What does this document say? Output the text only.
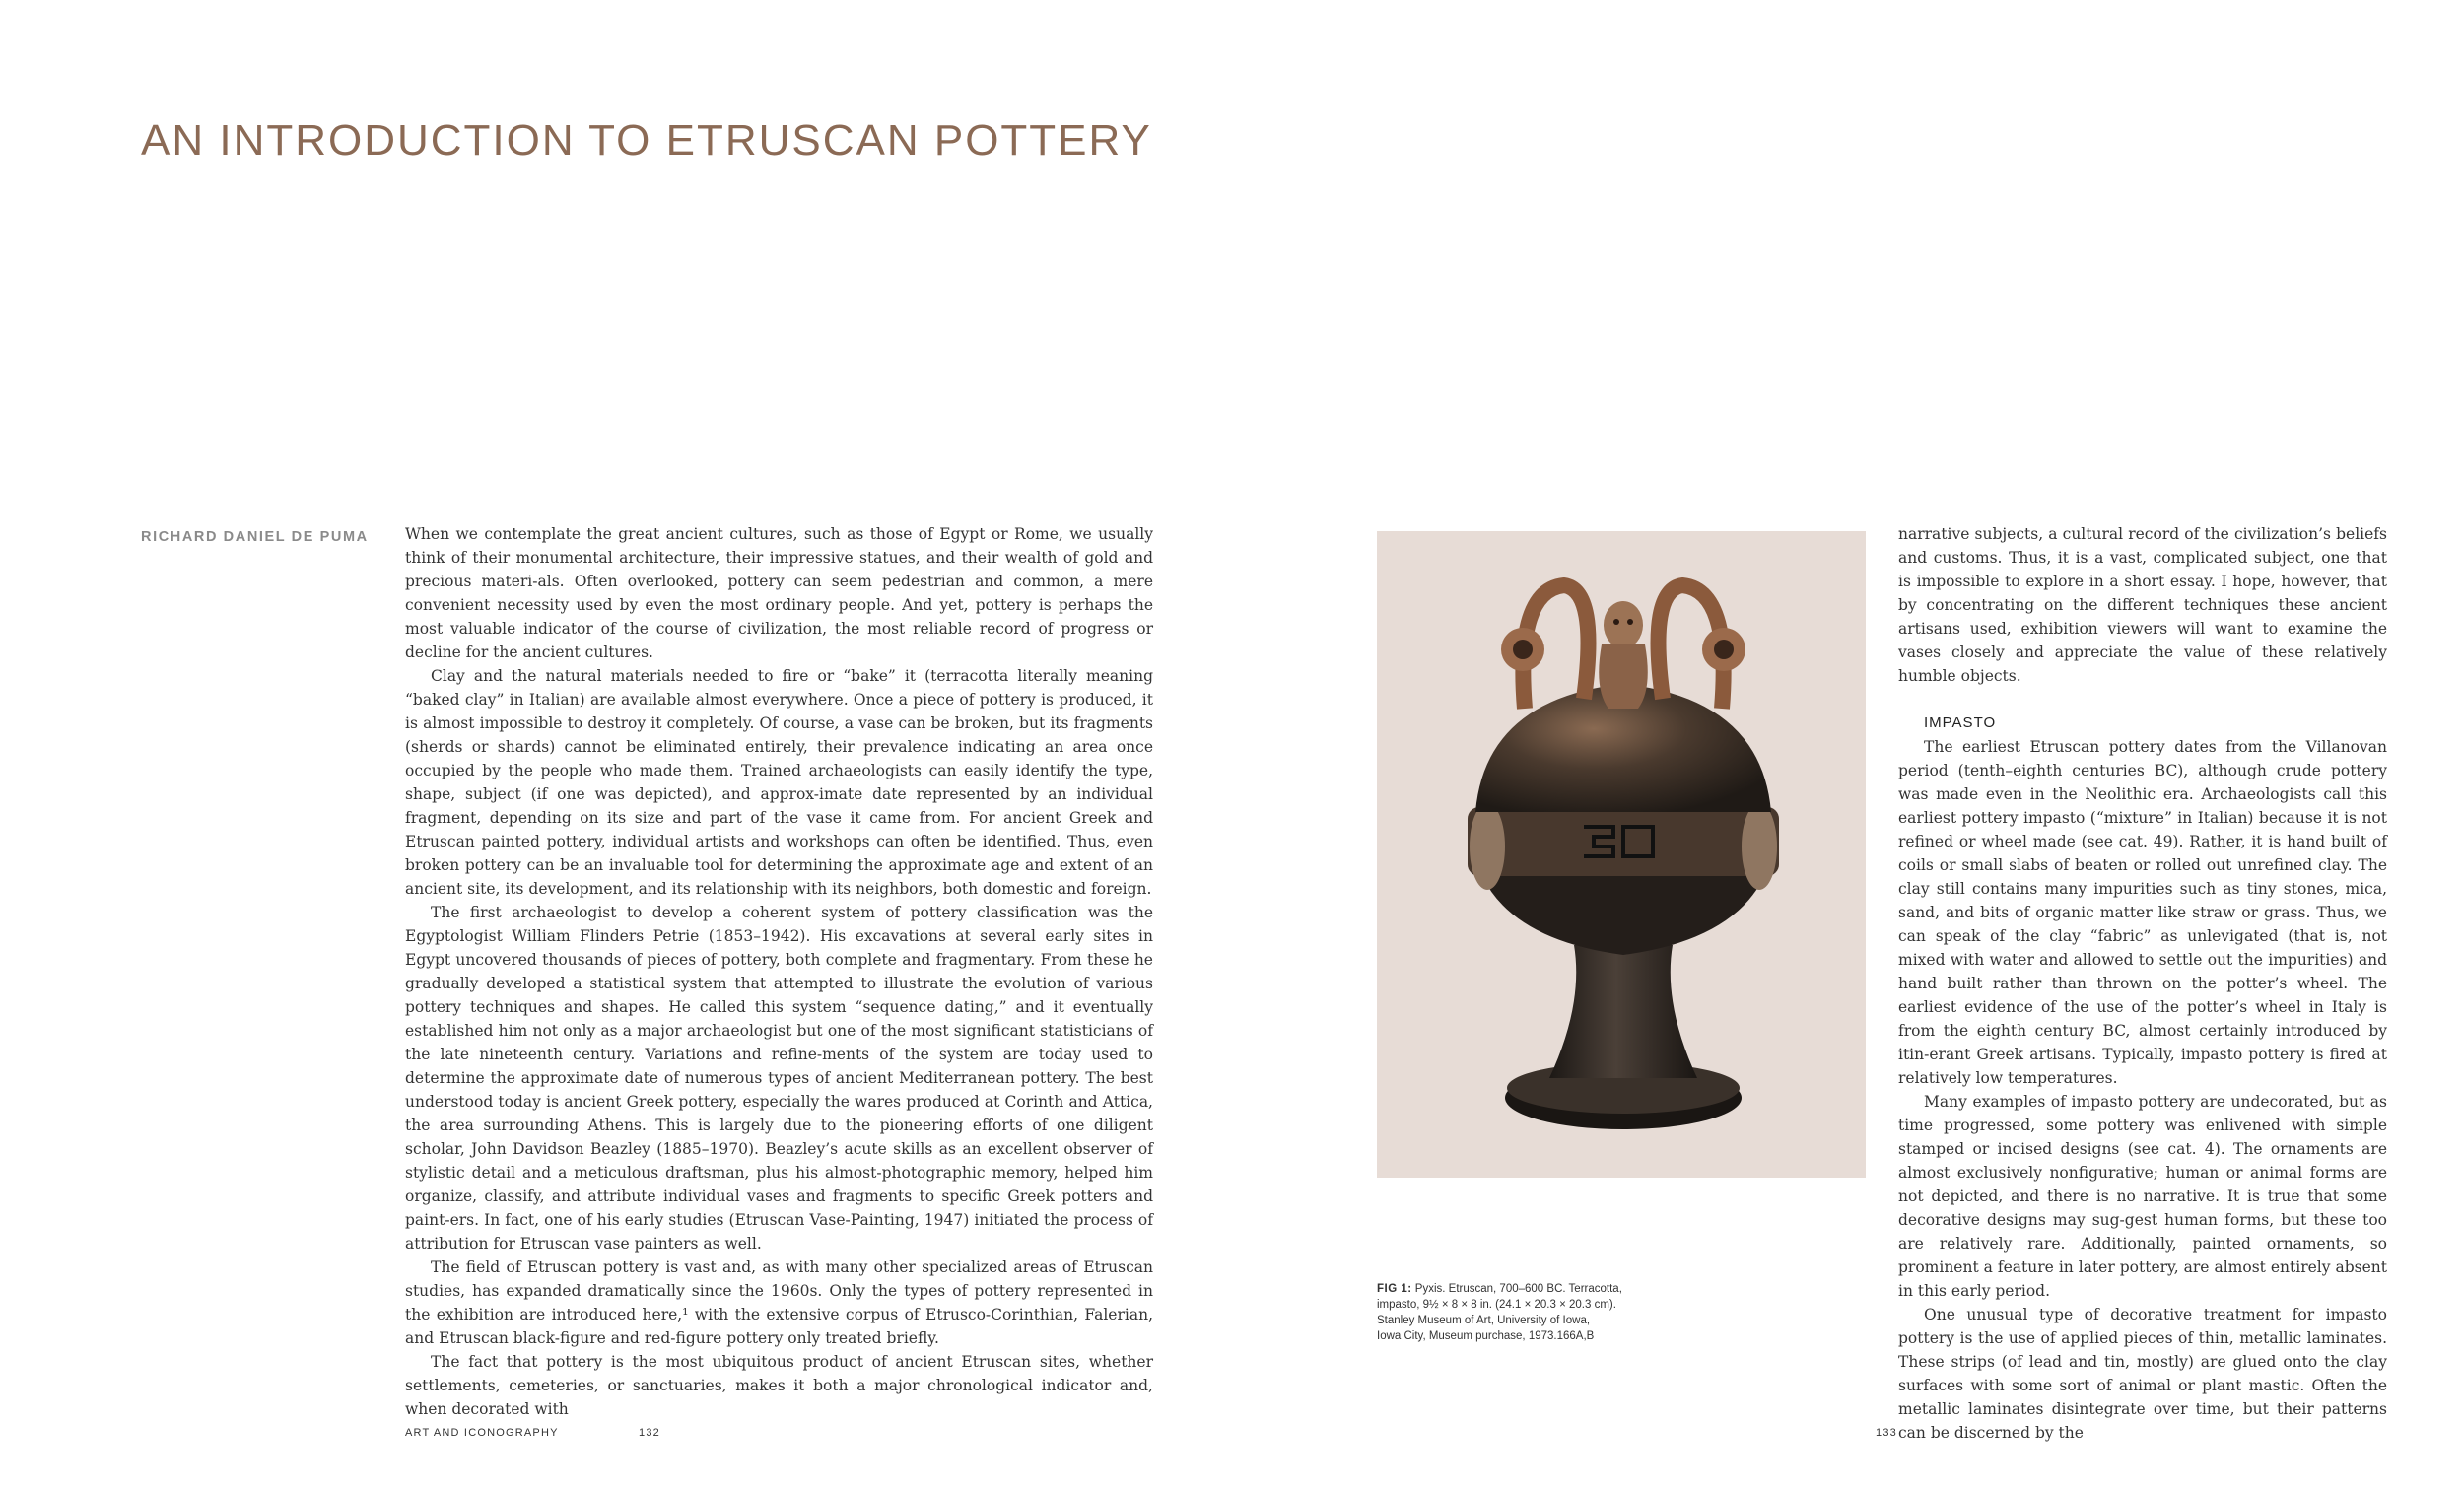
AN INTRODUCTION TO ETRUSCAN POTTERY
RICHARD DANIEL DE PUMA When we contemplate the great ancient cultures, such as those of Egypt or Rome, we usually think of their monumental architecture, their impressive statues, and their wealth of gold and precious materi-als. Often overlooked, pottery can seem pedestrian and common, a mere convenient necessity used by even the most ordinary people. And yet, pottery is perhaps the most valuable indicator of the course of civilization, the most reliable record of progress or decline for the ancient cultures.

Clay and the natural materials needed to fire or “bake” it (terracotta literally meaning “baked clay” in Italian) are available almost everywhere. Once a piece of pottery is produced, it is almost impossible to destroy it completely. Of course, a vase can be broken, but its fragments (sherds or shards) cannot be eliminated entirely, their prevalence indicating an area once occupied by the people who made them. Trained archaeologists can easily identify the type, shape, subject (if one was depicted), and approx-imate date represented by an individual fragment, depending on its size and part of the vase it came from. For ancient Greek and Etruscan painted pottery, individual artists and workshops can often be identified. Thus, even broken pottery can be an invaluable tool for determining the approximate age and extent of an ancient site, its development, and its relationship with its neighbors, both domestic and foreign.

The first archaeologist to develop a coherent system of pottery classification was the Egyptologist William Flinders Petrie (1853–1942). His excavations at several early sites in Egypt uncovered thousands of pieces of pottery, both complete and fragmentary. From these he gradually developed a statistical system that attempted to illustrate the evolution of various pottery techniques and shapes. He called this system “sequence dating,” and it eventually established him not only as a major archaeologist but one of the most significant statisticians of the late nineteenth century. Variations and refine-ments of the system are today used to determine the approximate date of numerous types of ancient Mediterranean pottery. The best understood today is ancient Greek pottery, especially the wares produced at Corinth and Attica, the area surrounding Athens. This is largely due to the pioneering efforts of one diligent scholar, John Davidson Beazley (1885–1970). Beazley’s acute skills as an excellent observer of stylistic detail and a meticulous draftsman, plus his almost-photographic memory, helped him organize, classify, and attribute individual vases and fragments to specific Greek potters and paint-ers. In fact, one of his early studies (Etruscan Vase-Painting, 1947) initiated the process of attribution for Etruscan vase painters as well.

The field of Etruscan pottery is vast and, as with many other specialized areas of Etruscan studies, has expanded dramatically since the 1960s. Only the types of pottery represented in the exhibition are introduced here,¹ with the extensive corpus of Etrusco-Corinthian, Falerian, and Etruscan black-figure and red-figure pottery only treated briefly.

The fact that pottery is the most ubiquitous product of ancient Etruscan sites, whether settlements, cemeteries, or sanctuaries, makes it both a major chronological indicator and, when decorated with

FIG 1: Pyxis. Etruscan, 700–600 BC. Terracotta,
impasto, 9½ × 8 × 8 in. (24.1 × 20.3 × 20.3 cm).
Stanley Museum of Art, University of Iowa,
Iowa City, Museum purchase, 1973.166A,B

narrative subjects, a cultural record of the civilization’s beliefs and customs. Thus, it is a vast, complicated subject, one that is impossible to explore in a short essay. I hope, however, that by concentrating on the different techniques these ancient artisans used, exhibition viewers will want to examine the vases closely and appreciate the value of these relatively humble objects.

IMPASTO

The earliest Etruscan pottery dates from the Villanovan period (tenth–eighth centuries BC), although crude pottery was made even in the Neolithic era. Archaeologists call this earliest pottery impasto (“mixture” in Italian) because it is not refined or wheel made (see cat. 49). Rather, it is hand built of coils or small slabs of beaten or rolled out unrefined clay. The clay still contains many impurities such as tiny stones, mica, sand, and bits of organic matter like straw or grass. Thus, we can speak of the clay “fabric” as unlevigated (that is, not mixed with water and allowed to settle out the impurities) and hand built rather than thrown on the potter’s wheel. The earliest evidence of the use of the potter’s wheel in Italy is from the eighth century BC, almost certainly introduced by itin-erant Greek artisans. Typically, impasto pottery is fired at relatively low temperatures.

Many examples of impasto pottery are undecorated, but as time progressed, some pottery was enlivened with simple stamped or incised designs (see cat. 4). The ornaments are almost exclusively nonfigurative; human or animal forms are not depicted, and there is no narrative. It is true that some decorative designs may sug-gest human forms, but these too are relatively rare. Additionally, painted ornaments, so prominent a feature in later pottery, are almost entirely absent in this early period.

One unusual type of decorative treatment for impasto pottery is the use of applied pieces of thin, metallic laminates. These strips (of lead and tin, mostly) are glued onto the clay surfaces with some sort of animal or plant mastic. Often the metallic laminates disintegrate over time, but their patterns can be discerned by the

ART AND ICONOGRAPHY	132	133
